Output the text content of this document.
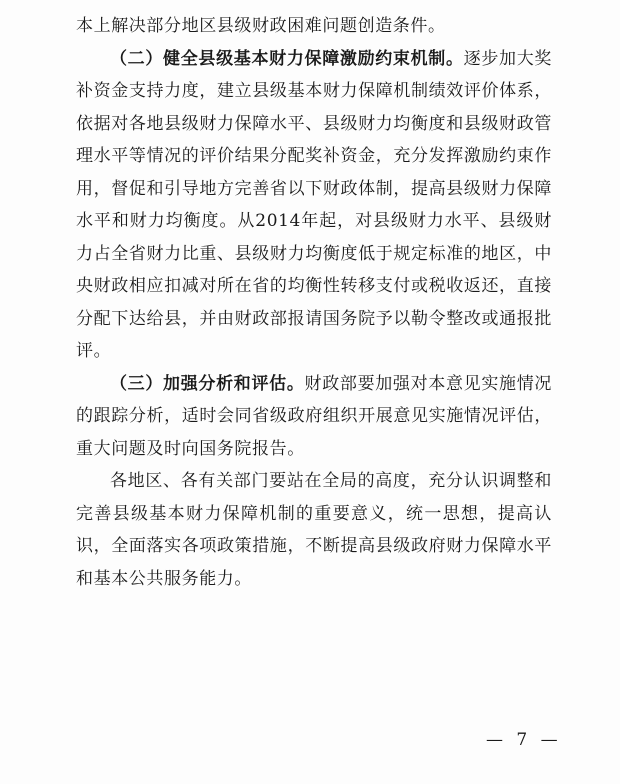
本上解决部分地区县级财政困难问题创造条件。

（二）健全县级基本财力保障激励约束机制。逐步加大奖补资金支持力度，建立县级基本财力保障机制绩效评价体系，依据对各地县级财力保障水平、县级财力均衡度和县级财政管理水平等情况的评价结果分配奖补资金，充分发挥激励约束作用，督促和引导地方完善省以下财政体制，提高县级财力保障水平和财力均衡度。从2014年起，对县级财力水平、县级财力占全省财力比重、县级财力均衡度低于规定标准的地区，中央财政相应扣减对所在省的均衡性转移支付或税收返还，直接分配下达给县，并由财政部报请国务院予以勒令整改或通报批评。

（三）加强分析和评估。财政部要加强对本意见实施情况的跟踪分析，适时会同省级政府组织开展意见实施情况评估，重大问题及时向国务院报告。

各地区、各有关部门要站在全局的高度，充分认识调整和完善县级基本财力保障机制的重要意义，统一思想，提高认识，全面落实各项政策措施，不断提高县级政府财力保障水平和基本公共服务能力。

— 7 —
